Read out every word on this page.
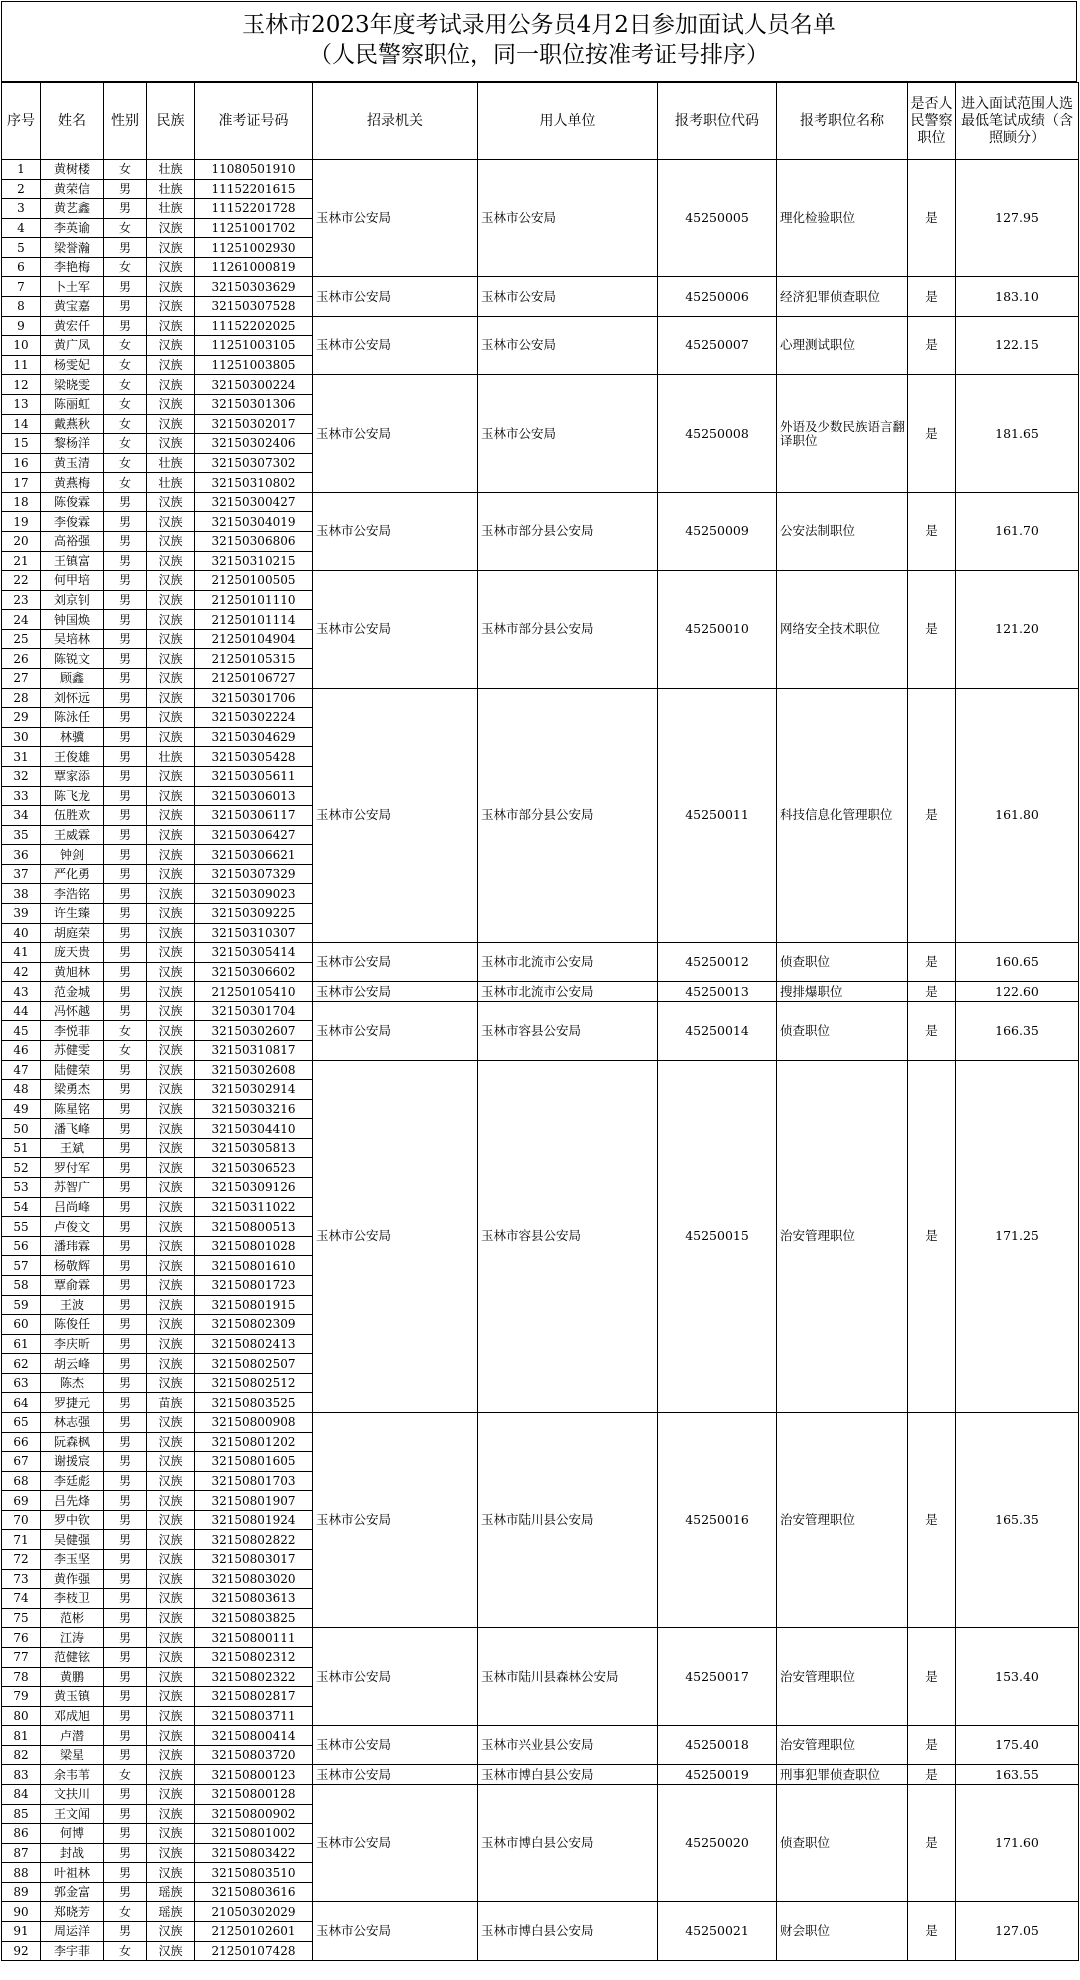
玉林市2023年度考试录用公务员4月2日参加面试人员名单
（人民警察职位，同一职位按准考证号排序）
序号	姓名	性别	民族	准考证号码	招录机关	用人单位	报考职位代码	报考职位名称	是否人民警察职位	进入面试范围人选最低笔试成绩（含照顾分）
1	黄树楼	女	壮族	11080501910	玉林市公安局	玉林市公安局	45250005	理化检验职位	是	127.95
2	黄荣信	男	壮族	11152201615						
3	黄艺鑫	男	壮族	11152201728						
4	李英谕	女	汉族	11251001702						
5	梁誉瀚	男	汉族	11251002930						
6	李艳梅	女	汉族	11261000819						
7	卜土军	男	汉族	32150303629	玉林市公安局	玉林市公安局	45250006	经济犯罪侦查职位	是	183.10
8	黄宝嘉	男	汉族	32150307528						
9	黄宏仟	男	汉族	11152202025	玉林市公安局	玉林市公安局	45250007	心理测试职位	是	122.15
10	黄广凤	女	汉族	11251003105						
11	杨雯妃	女	汉族	11251003805						
12	梁晓雯	女	汉族	32150300224	玉林市公安局	玉林市公安局	45250008	外语及少数民族语言翻译职位	是	181.65
13	陈丽虹	女	汉族	32150301306						
14	戴燕秋	女	汉族	32150302017						
15	黎杨洋	女	汉族	32150302406						
16	黄玉清	女	壮族	32150307302						
17	黄燕梅	女	壮族	32150310802						
18	陈俊霖	男	汉族	32150300427	玉林市公安局	玉林市部分县公安局	45250009	公安法制职位	是	161.70
19	李俊霖	男	汉族	32150304019						
20	高裕强	男	汉族	32150306806						
21	王镇富	男	汉族	32150310215						
22	何甲培	男	汉族	21250100505	玉林市公安局	玉林市部分县公安局	45250010	网络安全技术职位	是	121.20
23	刘京钊	男	汉族	21250101110						
24	钟国焕	男	汉族	21250101114						
25	吴培林	男	汉族	21250104904						
26	陈锐文	男	汉族	21250105315						
27	顾鑫	男	汉族	21250106727						
28	刘怀远	男	汉族	32150301706	玉林市公安局	玉林市部分县公安局	45250011	科技信息化管理职位	是	161.80
29	陈泳任	男	汉族	32150302224						
30	林骥	男	汉族	32150304629						
31	王俊雄	男	壮族	32150305428						
32	覃家添	男	汉族	32150305611						
33	陈飞龙	男	汉族	32150306013						
34	伍胜欢	男	汉族	32150306117						
35	王威霖	男	汉族	32150306427						
36	钟剑	男	汉族	32150306621						
37	严化勇	男	汉族	32150307329						
38	李浩铭	男	汉族	32150309023						
39	许生臻	男	汉族	32150309225						
40	胡庭荣	男	汉族	32150310307						
41	庞天贵	男	汉族	32150305414	玉林市公安局	玉林市北流市公安局	45250012	侦查职位	是	160.65
42	黄旭林	男	汉族	32150306602						
43	范金城	男	汉族	21250105410	玉林市公安局	玉林市北流市公安局	45250013	搜排爆职位	是	122.60
44	冯怀越	男	汉族	32150301704	玉林市公安局	玉林市容县公安局	45250014	侦查职位	是	166.35
45	李悦菲	女	汉族	32150302607						
46	苏健雯	女	汉族	32150310817						
47	陆健荣	男	汉族	32150302608	玉林市公安局	玉林市容县公安局	45250015	治安管理职位	是	171.25
48	梁勇杰	男	汉族	32150302914						
49	陈星铭	男	汉族	32150303216						
50	潘飞峰	男	汉族	32150304410						
51	王斌	男	汉族	32150305813						
52	罗付军	男	汉族	32150306523						
53	苏智广	男	汉族	32150309126						
54	吕尚峰	男	汉族	32150311022						
55	卢俊文	男	汉族	32150800513						
56	潘玮霖	男	汉族	32150801028						
57	杨敬辉	男	汉族	32150801610						
58	覃俞霖	男	汉族	32150801723						
59	王波	男	汉族	32150801915						
60	陈俊任	男	汉族	32150802309						
61	李庆昕	男	汉族	32150802413						
62	胡云峰	男	汉族	32150802507						
63	陈杰	男	汉族	32150802512						
64	罗捷元	男	苗族	32150803525						
65	林志强	男	汉族	32150800908	玉林市公安局	玉林市陆川县公安局	45250016	治安管理职位	是	165.35
66	阮森枫	男	汉族	32150801202						
67	谢援宸	男	汉族	32150801605						
68	李廷彪	男	汉族	32150801703						
69	吕先烽	男	汉族	32150801907						
70	罗中钦	男	汉族	32150801924						
71	吴健强	男	汉族	32150802822						
72	李玉坚	男	汉族	32150803017						
73	黄作强	男	汉族	32150803020						
74	李枝卫	男	汉族	32150803613						
75	范彬	男	汉族	32150803825						
76	江涛	男	汉族	32150800111	玉林市公安局	玉林市陆川县森林公安局	45250017	治安管理职位	是	153.40
77	范健铉	男	汉族	32150802312						
78	黄鹏	男	汉族	32150802322						
79	黄玉镇	男	汉族	32150802817						
80	邓成旭	男	汉族	32150803711						
81	卢潜	男	汉族	32150800414	玉林市公安局	玉林市兴业县公安局	45250018	治安管理职位	是	175.40
82	梁星	男	汉族	32150803720						
83	余韦苇	女	汉族	32150800123	玉林市公安局	玉林市博白县公安局	45250019	刑事犯罪侦查职位	是	163.55
84	文扶川	男	汉族	32150800128	玉林市公安局	玉林市博白县公安局	45250020	侦查职位	是	171.60
85	王文闻	男	汉族	32150800902						
86	何博	男	汉族	32150801002						
87	封战	男	汉族	32150803422						
88	叶祖林	男	汉族	32150803510						
89	郭金富	男	瑶族	32150803616						
90	郑晓芳	女	瑶族	21050302029	玉林市公安局	玉林市博白县公安局	45250021	财会职位	是	127.05
91	周运洋	男	汉族	21250102601						
92	李宇菲	女	汉族	21250107428						
